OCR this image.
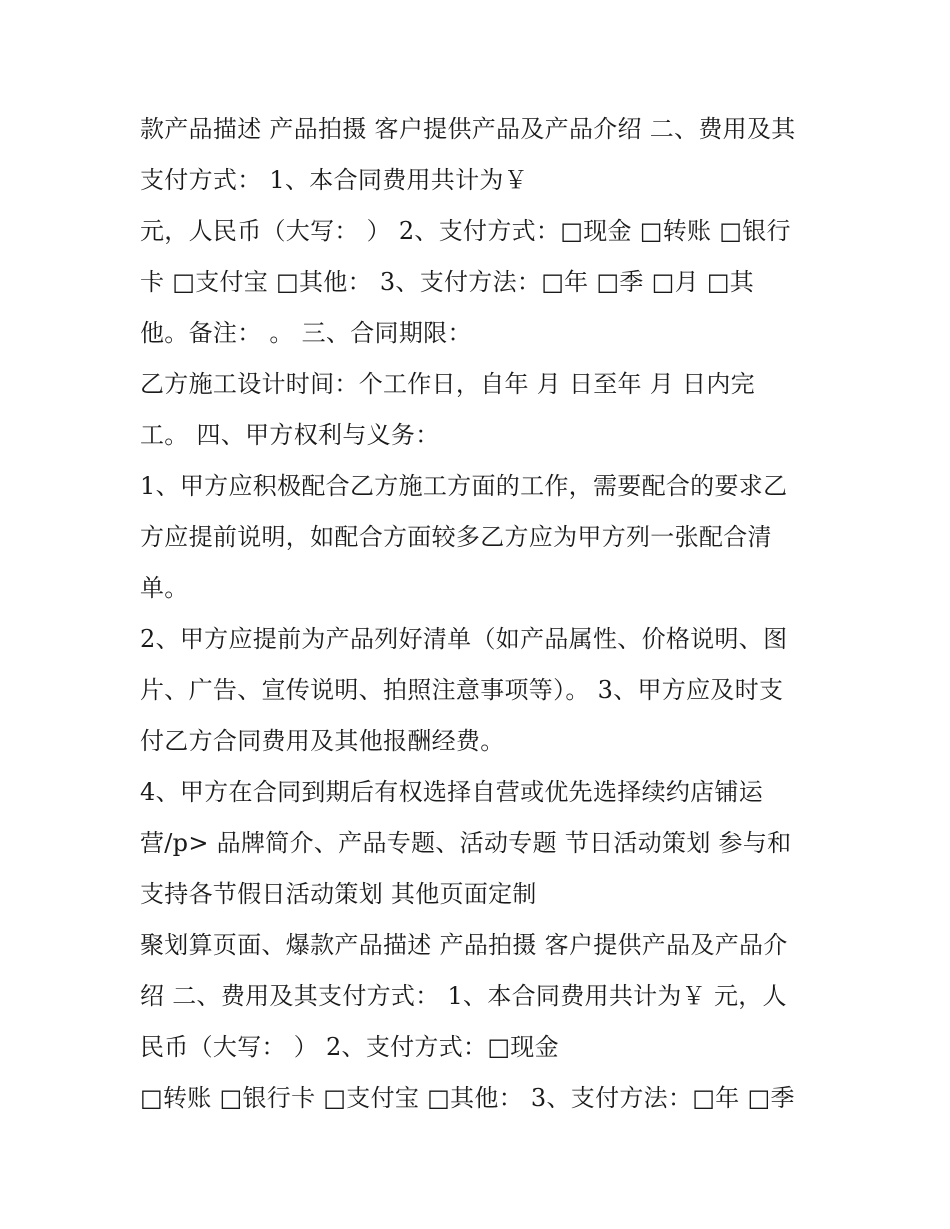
款产品描述 产品拍摄 客户提供产品及产品介绍 二、费用及其
支付方式： 1、本合同费用共计为￥
元，人民币（大写： ） 2、支付方式：□现金 □转账 □银行
卡 □支付宝 □其他： 3、支付方法：□年 □季 □月 □其
他。备注： 。 三、合同期限：
乙方施工设计时间：个工作日，自年 月 日至年 月 日内完
工。 四、甲方权利与义务：
1、甲方应积极配合乙方施工方面的工作，需要配合的要求乙
方应提前说明，如配合方面较多乙方应为甲方列一张配合清
单。
2、甲方应提前为产品列好清单（如产品属性、价格说明、图
片、广告、宣传说明、拍照注意事项等）。 3、甲方应及时支
付乙方合同费用及其他报酬经费。
4、甲方在合同到期后有权选择自营或优先选择续约店铺运
营/p> 品牌简介、产品专题、活动专题 节日活动策划 参与和
支持各节假日活动策划 其他页面定制
聚划算页面、爆款产品描述 产品拍摄 客户提供产品及产品介
绍 二、费用及其支付方式： 1、本合同费用共计为￥ 元，人
民币（大写： ） 2、支付方式：□现金
□转账 □银行卡 □支付宝 □其他： 3、支付方法：□年 □季
